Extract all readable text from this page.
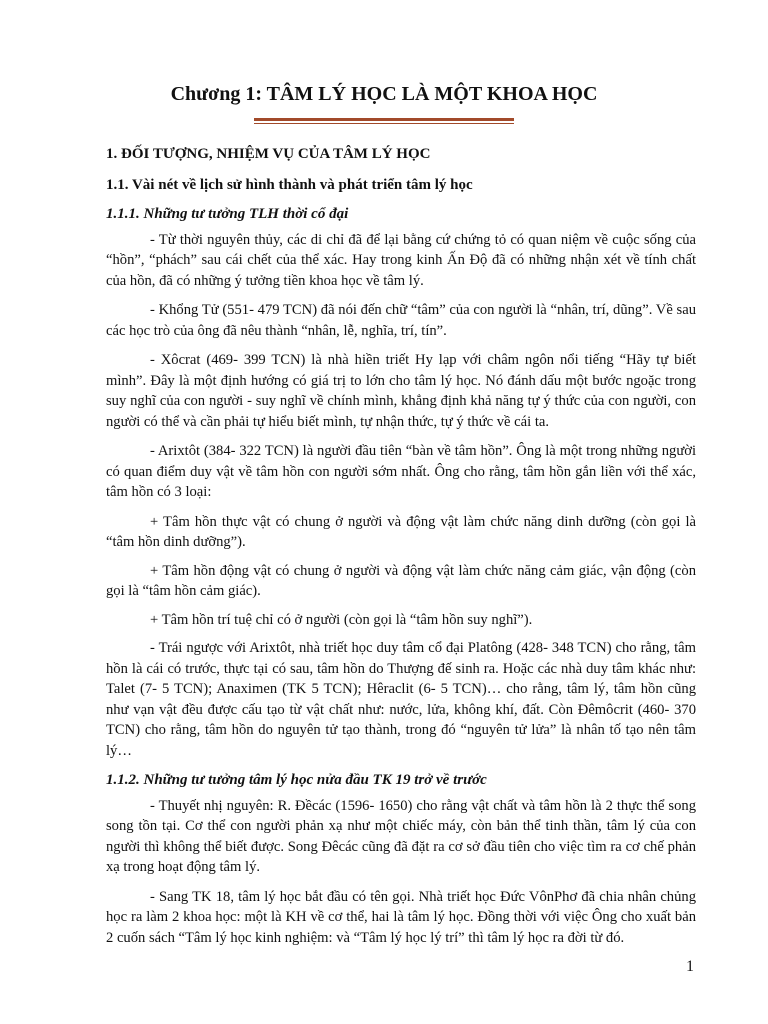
Chương 1: TÂM LÝ HỌC LÀ MỘT KHOA HỌC
1. ĐỐI TƯỢNG, NHIỆM VỤ CỦA TÂM LÝ HỌC
1.1. Vài nét về lịch sử hình thành và phát triển tâm lý học
1.1.1. Những tư tưởng TLH thời cổ đại

- Từ thời nguyên thủy, các di chỉ đã để lại bằng cứ chứng tỏ có quan niệm về cuộc sống của “hồn”, “phách” sau cái chết của thể xác. Hay trong kinh Ấn Độ đã có những nhận xét về tính chất của hồn, đã có những ý tưởng tiền khoa học về tâm lý.

- Khổng Tử (551- 479 TCN) đã nói đến chữ “tâm” của con người là “nhân, trí, dũng”. Về sau các học trò của ông đã nêu thành “nhân, lễ, nghĩa, trí, tín”.

- Xôcrat (469- 399 TCN) là nhà hiền triết Hy lạp với châm ngôn nổi tiếng “Hãy tự biết mình”. Đây là một định hướng có giá trị to lớn cho tâm lý học. Nó đánh dấu một bước ngoặc trong suy nghĩ của con người - suy nghĩ về chính mình, khẳng định khả năng tự ý thức của con người, con người có thể và cần phải tự hiểu biết mình, tự nhận thức, tự ý thức về cái ta.

- Arixtôt (384- 322 TCN) là người đầu tiên “bàn về tâm hồn”. Ông là một trong những người có quan điểm duy vật về tâm hồn con người sớm nhất. Ông cho rằng, tâm hồn gắn liền với thể xác, tâm hồn có 3 loại:

+ Tâm hồn thực vật có chung ở người và động vật làm chức năng dinh dưỡng (còn gọi là “tâm hồn dinh dưỡng”).

+ Tâm hồn động vật có chung ở người và động vật làm chức năng cảm giác, vận động (còn gọi là “tâm hồn cảm giác).

+ Tâm hồn trí tuệ chỉ có ở người (còn gọi là “tâm hồn suy nghĩ”).

- Trái ngược với Arixtôt, nhà triết học duy tâm cổ đại Platông (428- 348 TCN) cho rằng, tâm hồn là cái có trước, thực tại có sau, tâm hồn do Thượng đế sinh ra. Hoặc các nhà duy tâm khác như: Talet (7- 5 TCN); Anaximen (TK 5 TCN); Hêraclit (6- 5 TCN)… cho rằng, tâm lý, tâm hồn cũng như vạn vật đều được cấu tạo từ vật chất như: nước, lửa, không khí, đất. Còn Đêmôcrit (460- 370 TCN) cho rằng, tâm hồn do nguyên tử tạo thành, trong đó “nguyên tử lửa” là nhân tố tạo nên tâm lý…

1.1.2. Những tư tưởng tâm lý học nửa đầu TK 19 trở về trước

- Thuyết nhị nguyên: R. Đềcác (1596- 1650) cho rằng vật chất và tâm hồn là 2 thực thể song song tồn tại. Cơ thể con người phản xạ như một chiếc máy, còn bản thể tinh thần, tâm lý của con người thì không thể biết được. Song Đêcác cũng đã đặt ra cơ sở đầu tiên cho việc tìm ra cơ chế phản xạ trong hoạt động tâm lý.

- Sang TK 18, tâm lý học bắt đầu có tên gọi. Nhà triết học Đức VônPhơ đã chia nhân chủng học ra làm 2 khoa học: một là KH về cơ thể, hai là tâm lý học. Đồng thời với việc Ông cho xuất bản 2 cuốn sách “Tâm lý học kinh nghiệm: và “Tâm lý học lý trí” thì tâm lý học ra đời từ đó.

1
